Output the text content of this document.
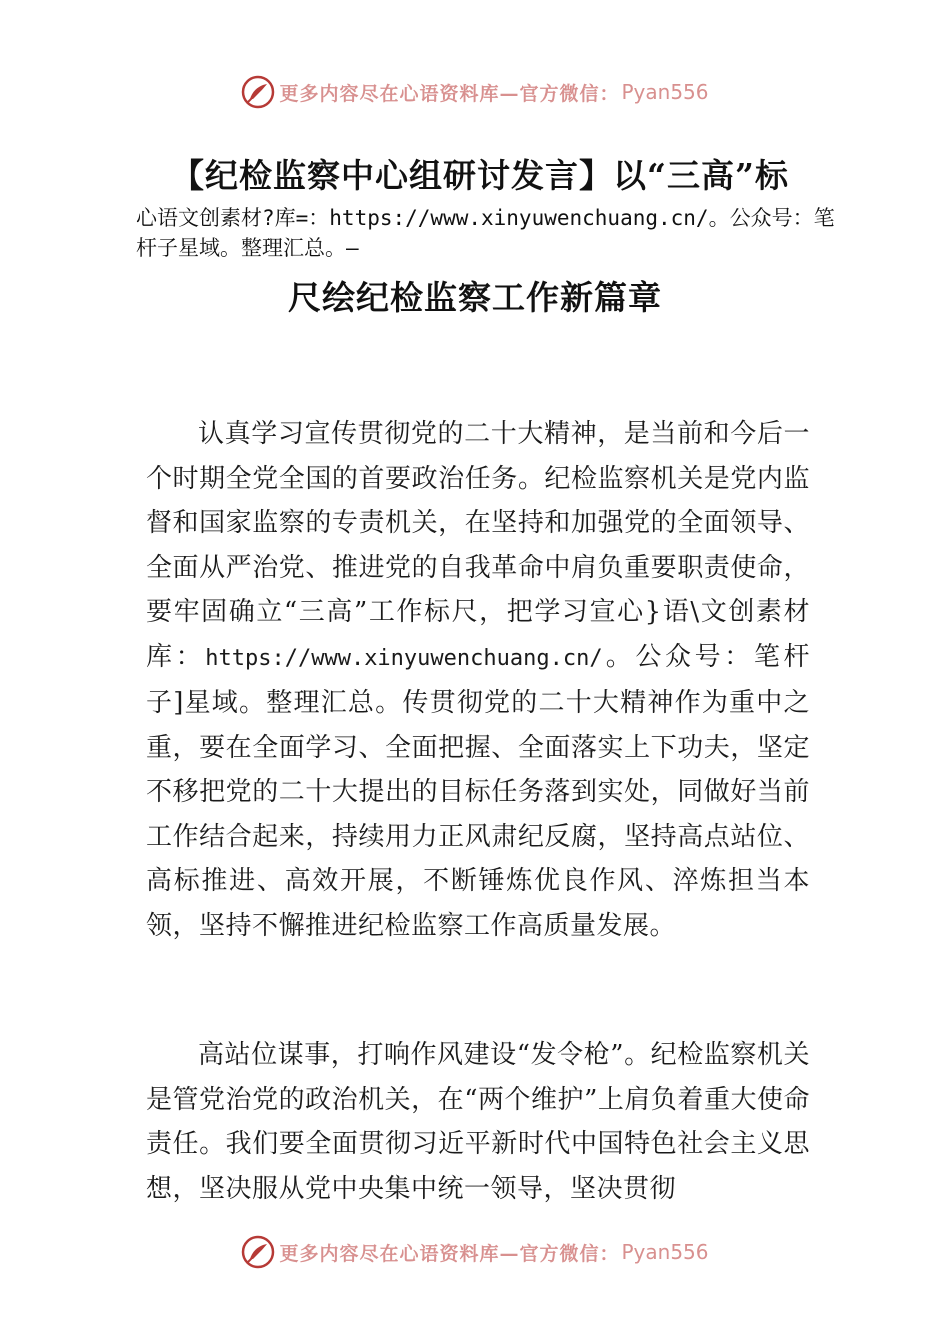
更多内容尽在心语资料库—官方微信： Pyan556
【纪检监察中心组研讨发言】以“三高”标
心语文创素材?库=：https://www.xinyuwenchuang.cn/。公众号：笔杆子星域。整理汇总。—
尺绘纪检监察工作新篇章

认真学习宣传贯彻党的二十大精神，是当前和今后一个时期全党全国的首要政治任务。纪检监察机关是党内监督和国家监察的专责机关，在坚持和加强党的全面领导、全面从严治党、推进党的自我革命中肩负重要职责使命，要牢固确立“三高”工作标尺，把学习宣心}语\文创素材库：https://www.xinyuwenchuang.cn/。公众号：笔杆子]星域。整理汇总。传贯彻党的二十大精神作为重中之重，要在全面学习、全面把握、全面落实上下功夫，坚定不移把党的二十大提出的目标任务落到实处，同做好当前工作结合起来，持续用力正风肃纪反腐，坚持高点站位、高标推进、高效开展，不断锤炼优良作风、淬炼担当本领，坚持不懈推进纪检监察工作高质量发展。

高站位谋事，打响作风建设“发令枪”。纪检监察机关是管党治党的政治机关，在“两个维护”上肩负着重大使命责任。我们要全面贯彻习近平新时代中国特色社会主义思想，坚决服从党中央集中统一领导，坚决贯彻

更多内容尽在心语资料库—官方微信： Pyan556
